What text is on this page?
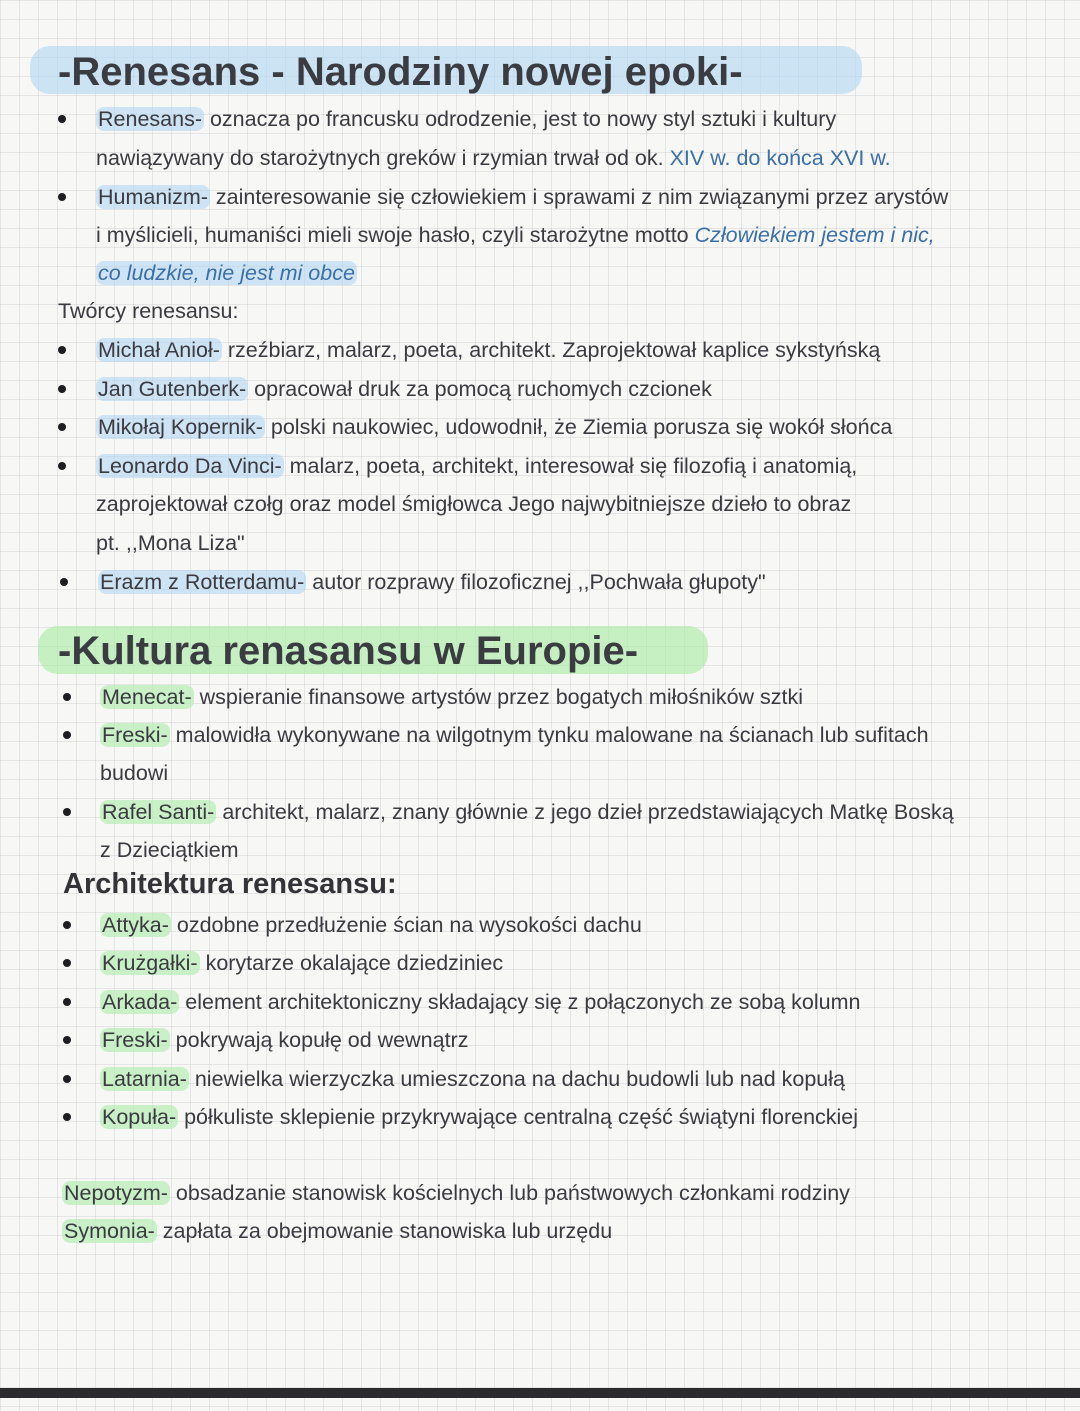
-Renesans - Narodziny nowej epoki-
Renesans- oznacza po francusku odrodzenie, jest to nowy styl sztuki i kultury
nawiązywany do starożytnych greków i rzymian trwał od ok. XIV w. do końca XVI w.
Humanizm- zainteresowanie się człowiekiem i sprawami z nim związanymi przez arystów
i myślicieli, humaniści mieli swoje hasło, czyli starożytne motto Człowiekiem jestem i nic,
co ludzkie, nie jest mi obce
Twórcy renesansu:
Michał Anioł- rzeźbiarz, malarz, poeta, architekt. Zaprojektował kaplice sykstyńską
Jan Gutenberk- opracował druk za pomocą ruchomych czcionek
Mikołaj Kopernik- polski naukowiec, udowodnił, że Ziemia porusza się wokół słońca
Leonardo Da Vinci- malarz, poeta, architekt, interesował się filozofią i anatomią,
zaprojektował czołg oraz model śmigłowca Jego najwybitniejsze dzieło to obraz
pt. ,,Mona Liza"
Erazm z Rotterdamu- autor rozprawy filozoficznej ,,Pochwała głupoty"
-Kultura renasansu w Europie-
Menecat- wspieranie finansowe artystów przez bogatych miłośników sztki
Freski- malowidła wykonywane na wilgotnym tynku malowane na ścianach lub sufitach
budowi
Rafel Santi- architekt, malarz, znany głównie z jego dzieł przedstawiających Matkę Boską
z Dzieciątkiem
Architektura renesansu:
Attyka- ozdobne przedłużenie ścian na wysokości dachu
Krużgałki- korytarze okalające dziedziniec
Arkada- element architektoniczny składający się z połączonych ze sobą kolumn
Freski- pokrywają kopułę od wewnątrz
Latarnia- niewielka wierzyczka umieszczona na dachu budowli lub nad kopułą
Kopuła- półkuliste sklepienie przykrywające centralną część świątyni florenckiej
Nepotyzm- obsadzanie stanowisk kościelnych lub państwowych członkami rodziny
Symonia- zapłata za obejmowanie stanowiska lub urzędu
